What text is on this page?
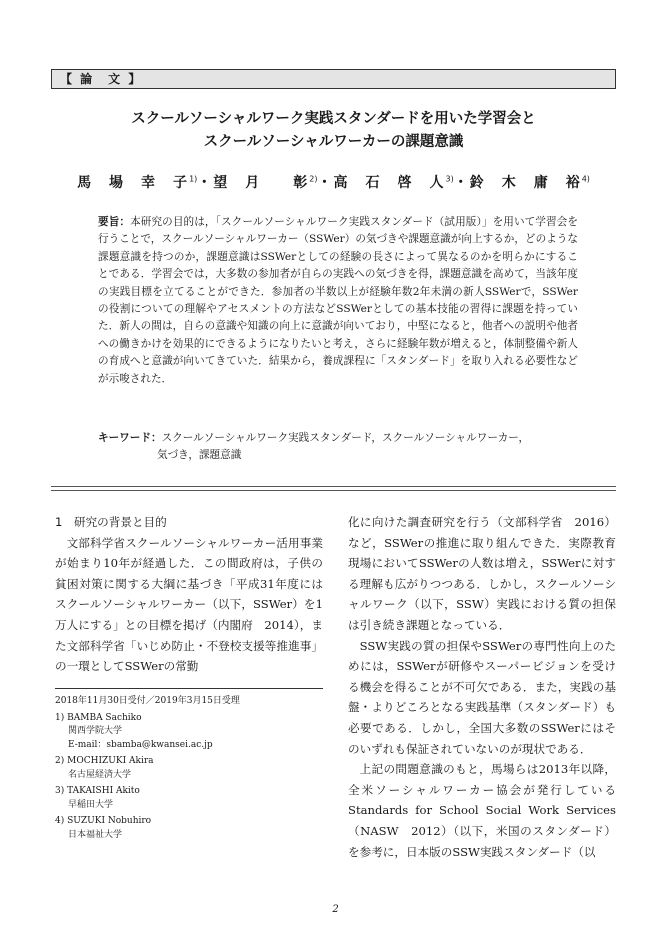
【 論　文 】
スクールソーシャルワーク実践スタンダードを用いた学習会と
スクールソーシャルワーカーの課題意識
馬　場　幸　子$^{1)}$・望　月　　彰$^{2)}$・高　石　啓　人$^{3)}$・鈴　木　庸　裕$^{4)}$
要旨：本研究の目的は，「スクールソーシャルワーク実践スタンダード（試用版）」を用いて学習会を行うことで，スクールソーシャルワーカー（SSWer）の気づきや課題意識が向上するか，どのような課題意識を持つのか，課題意識はSSWerとしての経験の長さによって異なるのかを明らかにすることである．学習会では，大多数の参加者が自らの実践への気づきを得，課題意識を高めて，当該年度の実践目標を立てることができた．参加者の半数以上が経験年数2年未満の新人SSWerで，SSWerの役割についての理解やアセスメントの方法などSSWerとしての基本技能の習得に課題を持っていた．新人の間は，自らの意識や知識の向上に意識が向いており，中堅になると，他者への説明や他者への働きかけを効果的にできるようになりたいと考え，さらに経験年数が増えると，体制整備や新人の育成へと意識が向いてきていた．結果から，養成課程に「スタンダード」を取り入れる必要性などが示唆された．
キーワード：スクールソーシャルワーク実践スタンダード，スクールソーシャルワーカー，
気づき，課題意識
1　研究の背景と目的

文部科学省スクールソーシャルワーカー活用事業が始まり10年が経過した．この間政府は，子供の貧困対策に関する大綱に基づき「平成31年度にはスクールソーシャルワーカー（以下，SSWer）を1万人にする」との目標を掲げ（内閣府　2014），また文部科学省「いじめ防止・不登校支援等推進事」の一環としてSSWerの常勤

2018年11月30日受付／2019年3月15日受理
1) BAMBA Sachiko
関西学院大学
E-mail：sbamba@kwansei.ac.jp
2) MOCHIZUKI Akira
名古屋経済大学
3) TAKAISHI Akito
早稲田大学
4) SUZUKI Nobuhiro
日本福祉大学

化に向けた調査研究を行う（文部科学省　2016）など，SSWerの推進に取り組んできた．実際教育現場においてSSWerの人数は増え，SSWerに対する理解も広がりつつある．しかし，スクールソーシャルワーク（以下，SSW）実践における質の担保は引き続き課題となっている．

SSW実践の質の担保やSSWerの専門性向上のためには，SSWerが研修やスーパービジョンを受ける機会を得ることが不可欠である．また，実践の基盤・よりどころとなる実践基準（スタンダード）も必要である．しかし，全国大多数のSSWerにはそのいずれも保証されていないのが現状である．

上記の問題意識のもと，馬場らは2013年以降，全米ソーシャルワーカー協会が発行しているStandards for School Social Work Services（NASW　2012）（以下，米国のスタンダード）を参考に，日本版のSSW実践スタンダード（以

2
